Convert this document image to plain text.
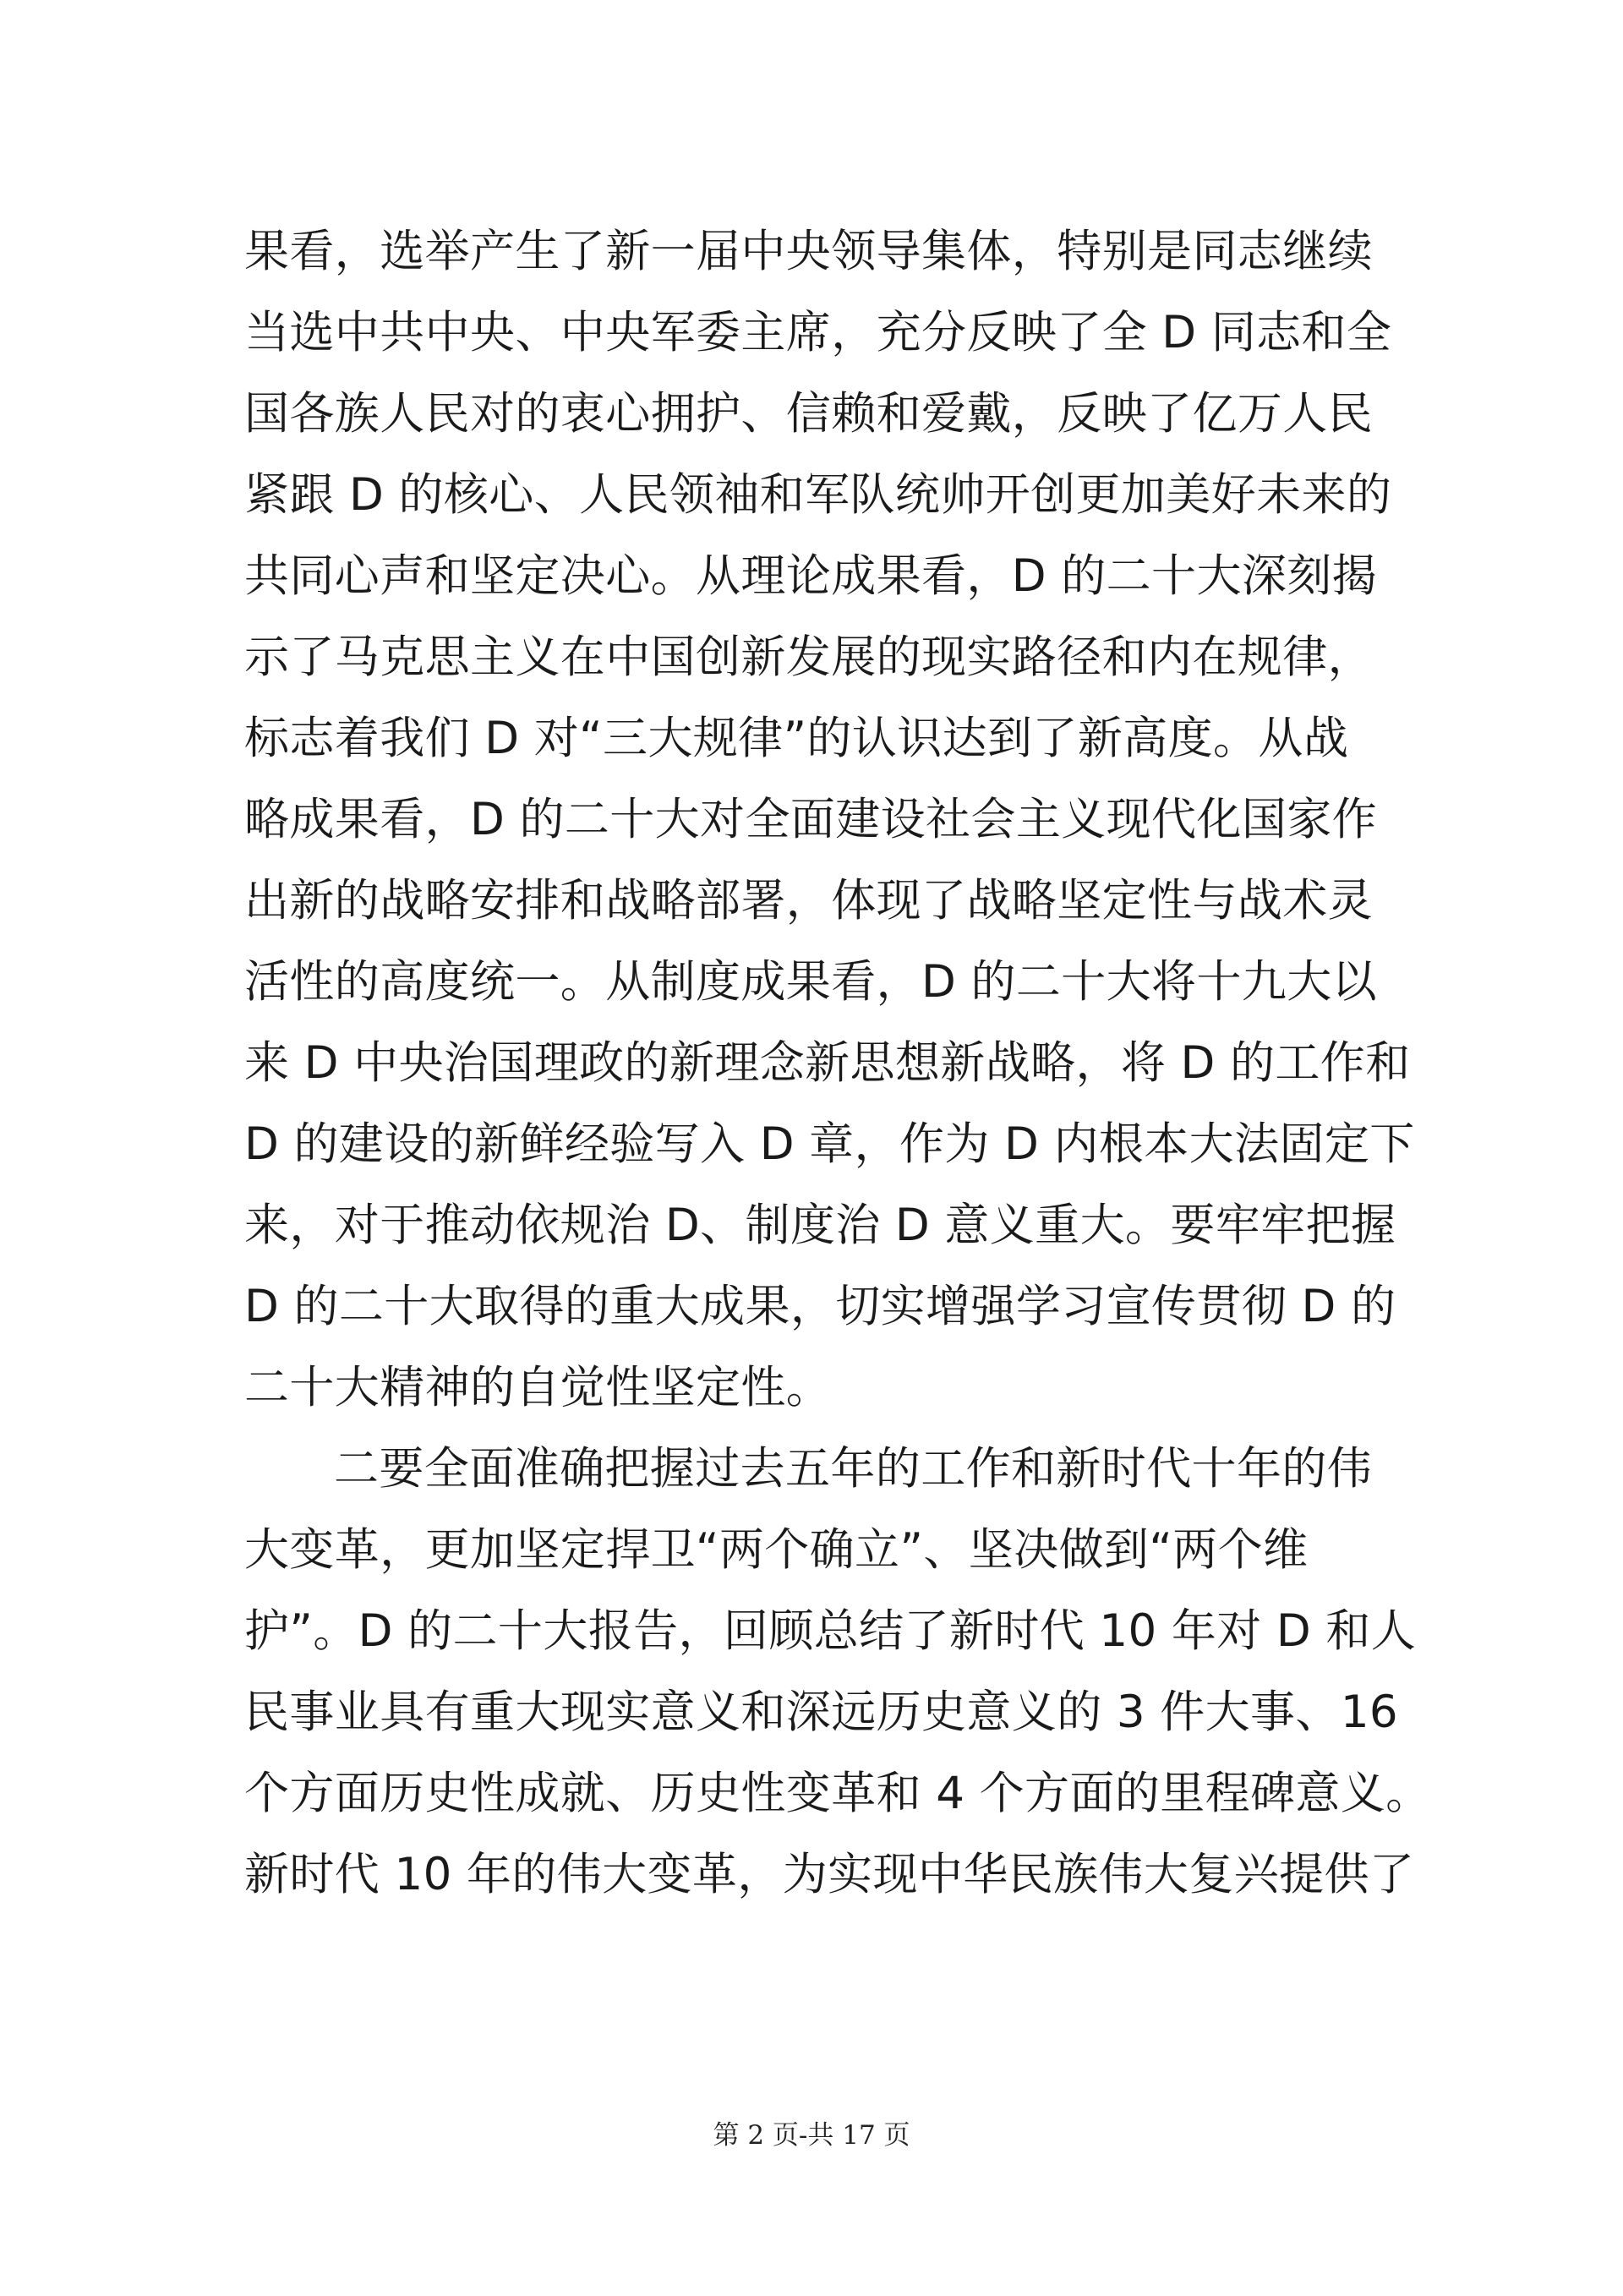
果看，选举产生了新一届中央领导集体，特别是同志继续
当选中共中央、中央军委主席，充分反映了全 D 同志和全
国各族人民对的衷心拥护、信赖和爱戴，反映了亿万人民
紧跟 D 的核心、人民领袖和军队统帅开创更加美好未来的
共同心声和坚定决心。从理论成果看，D 的二十大深刻揭
示了马克思主义在中国创新发展的现实路径和内在规律，
标志着我们 D 对“三大规律”的认识达到了新高度。从战
略成果看，D 的二十大对全面建设社会主义现代化国家作
出新的战略安排和战略部署，体现了战略坚定性与战术灵
活性的高度统一。从制度成果看，D 的二十大将十九大以
来 D 中央治国理政的新理念新思想新战略，将 D 的工作和
D 的建设的新鲜经验写入 D 章，作为 D 内根本大法固定下
来，对于推动依规治 D、制度治 D 意义重大。要牢牢把握
D 的二十大取得的重大成果，切实增强学习宣传贯彻 D 的
二十大精神的自觉性坚定性。
二要全面准确把握过去五年的工作和新时代十年的伟
大变革，更加坚定捍卫“两个确立”、坚决做到“两个维
护”。D 的二十大报告，回顾总结了新时代 10 年对 D 和人
民事业具有重大现实意义和深远历史意义的 3 件大事、16
个方面历史性成就、历史性变革和 4 个方面的里程碑意义。
新时代 10 年的伟大变革，为实现中华民族伟大复兴提供了
第 2 页-共 17 页
